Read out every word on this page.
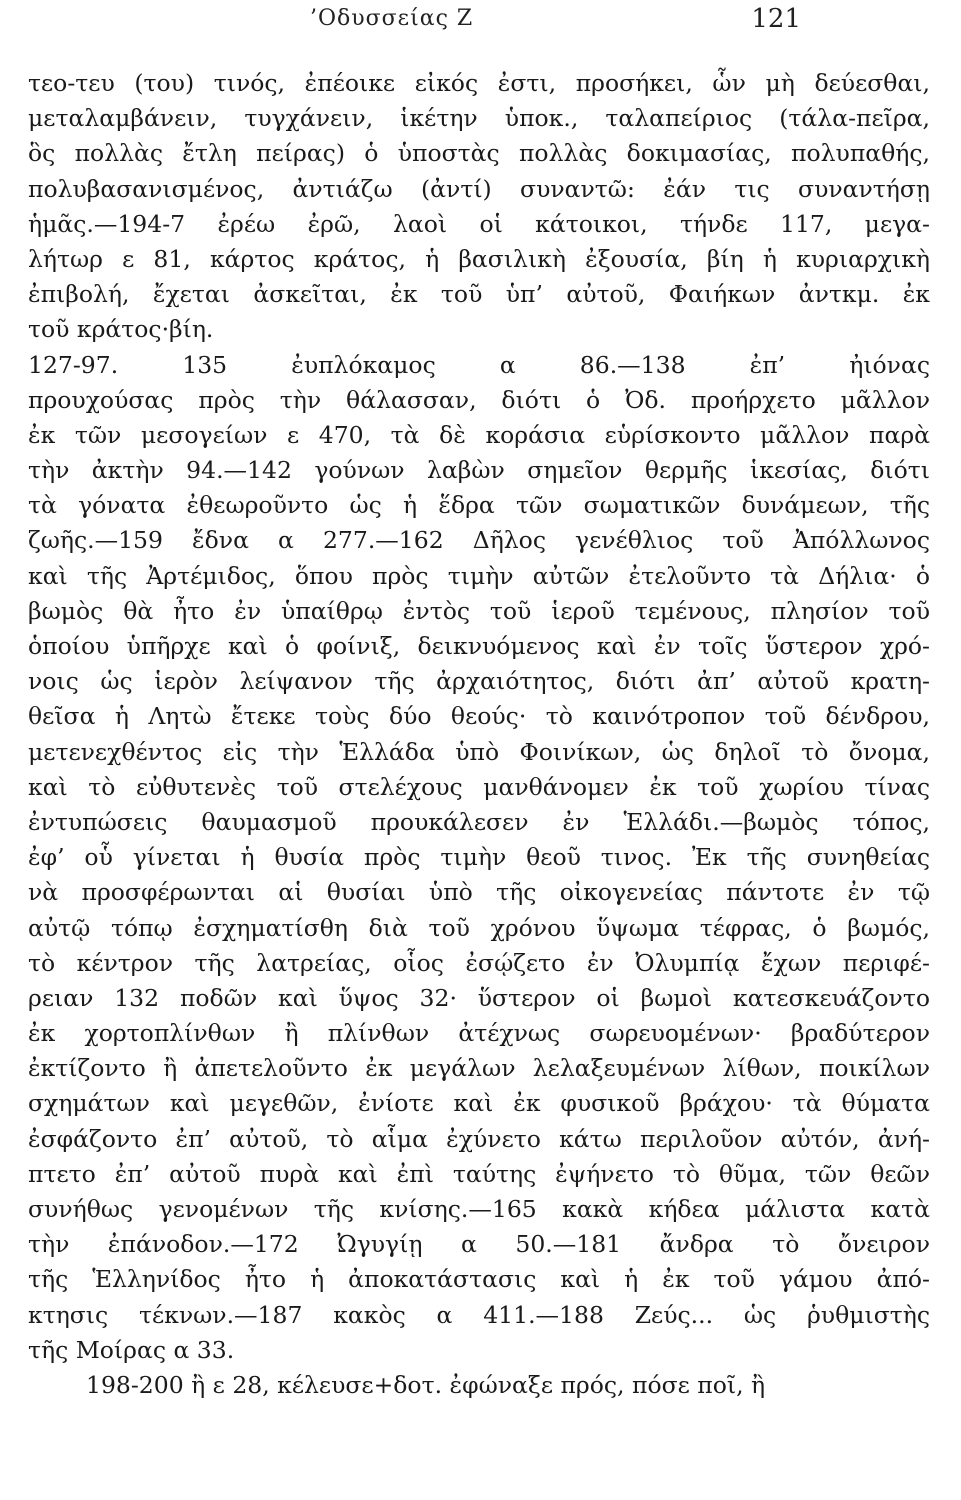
’Οδυσσείας Ζ	121
τεο-τευ (του) τινός, ἐπέοικε εἰκός ἐστι, προσήκει, ὧν μὴ δεύεσθαι,
μεταλαμβάνειν, τυγχάνειν, ἱκέτην ὑποκ., ταλαπείριος (τάλα-πεῖρα,
ὃς πολλὰς ἔτλη πείρας) ὁ ὑποστὰς πολλὰς δοκιμασίας, πολυπαθής,
πολυβασανισμένος, ἀντιάζω (ἀντί) συναντῶ: ἐάν τις συναντήσῃ
ἡμᾶς.—194-7 ἐρέω ἐρῶ, λαοὶ οἱ κάτοικοι, τήνδε 117, μεγα-
λήτωρ ε 81, κάρτος κράτος, ἡ βασιλικὴ ἐξουσία, βίη ἡ κυριαρχικὴ
ἐπιβολή, ἔχεται ἀσκεῖται, ἐκ τοῦ ὑπ’ αὐτοῦ, Φαιήκων ἀντκμ. ἐκ
τοῦ κράτος·βίη.
127-97. 135 ἐυπλόκαμος α 86.—138 ἐπ’ ἠιόνας
προυχούσας πρὸς τὴν θάλασσαν, διότι ὁ Ὀδ. προήρχετο μᾶλλον
ἐκ τῶν μεσογείων ε 470, τὰ δὲ κοράσια εὑρίσκοντο μᾶλλον παρὰ
τὴν ἀκτὴν 94.—142 γούνων λαβὼν σημεῖον θερμῆς ἱκεσίας, διότι
τὰ γόνατα ἐθεωροῦντο ὡς ἡ ἕδρα τῶν σωματικῶν δυνάμεων, τῆς
ζωῆς.—159 ἔδνα α 277.—162 Δῆλος γενέθλιος τοῦ Ἀπόλλωνος
καὶ τῆς Ἀρτέμιδος, ὅπου πρὸς τιμὴν αὐτῶν ἐτελοῦντο τὰ Δήλια· ὁ
βωμὸς θὰ ἦτο ἐν ὑπαίθρῳ ἐντὸς τοῦ ἱεροῦ τεμένους, πλησίον τοῦ
ὁποίου ὑπῆρχε καὶ ὁ φοίνιξ, δεικνυόμενος καὶ ἐν τοῖς ὕστερον χρό-
νοις ὡς ἱερὸν λείψανον τῆς ἀρχαιότητος, διότι ἀπ’ αὐτοῦ κρατη-
θεῖσα ἡ Λητὼ ἔτεκε τοὺς δύο θεούς· τὸ καινότροπον τοῦ δένδρου,
μετενεχθέντος εἰς τὴν Ἑλλάδα ὑπὸ Φοινίκων, ὡς δηλοῖ τὸ ὄνομα,
καὶ τὸ εὐθυτενὲς τοῦ στελέχους μανθάνομεν ἐκ τοῦ χωρίου τίνας
ἐντυπώσεις θαυμασμοῦ προυκάλεσεν ἐν Ἑλλάδι.—βωμὸς τόπος,
ἐφ’ οὗ γίνεται ἡ θυσία πρὸς τιμὴν θεοῦ τινος. Ἐκ τῆς συνηθείας
νὰ προσφέρωνται αἱ θυσίαι ὑπὸ τῆς οἰκογενείας πάντοτε ἐν τῷ
αὐτῷ τόπῳ ἐσχηματίσθη διὰ τοῦ χρόνου ὕψωμα τέφρας, ὁ βωμός,
τὸ κέντρον τῆς λατρείας, οἷος ἐσῴζετο ἐν Ὀλυμπίᾳ ἔχων περιφέ-
ρειαν 132 ποδῶν καὶ ὕψος 32· ὕστερον οἱ βωμοὶ κατεσκευάζοντο
ἐκ χορτοπλίνθων ἢ πλίνθων ἀτέχνως σωρευομένων· βραδύτερον
ἐκτίζοντο ἢ ἀπετελοῦντο ἐκ μεγάλων λελαξευμένων λίθων, ποικίλων
σχημάτων καὶ μεγεθῶν, ἐνίοτε καὶ ἐκ φυσικοῦ βράχου· τὰ θύματα
ἐσφάζοντο ἐπ’ αὐτοῦ, τὸ αἷμα ἐχύνετο κάτω περιλοῦον αὐτόν, ἀνή-
πτετο ἐπ’ αὐτοῦ πυρὰ καὶ ἐπὶ ταύτης ἐψήνετο τὸ θῦμα, τῶν θεῶν
συνήθως γενομένων τῆς κνίσης.—165 κακὰ κήδεα μάλιστα κατὰ
τὴν ἐπάνοδον.—172 Ὠγυγίῃ α 50.—181 ἄνδρα τὸ ὄνειρον
τῆς Ἑλληνίδος ἦτο ἡ ἀποκατάστασις καὶ ἡ ἐκ τοῦ γάμου ἀπό-
κτησις τέκνων.—187 κακὸς α 411.—188 Ζεύς... ὡς ῥυθμιστὴς
τῆς Μοίρας α 33.
198-200 ἢ ε 28, κέλευσε+δοτ. ἐφώναξε πρός, πόσε ποῖ, ἢ
